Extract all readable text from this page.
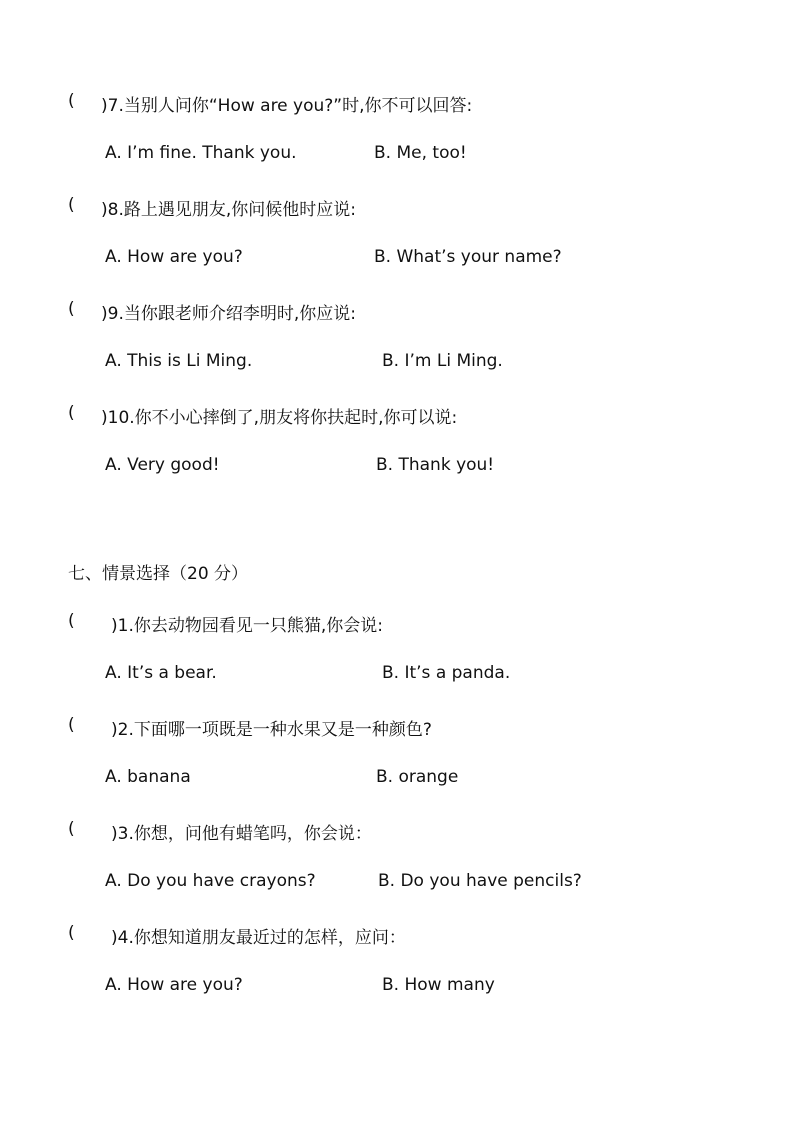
( )7.当别人问你“How are you?”时,你不可以回答:
A. I’m fine. Thank you.	B. Me, too!
( )8.路上遇见朋友,你问候他时应说:
A. How are you?	B. What’s your name?
( )9.当你跟老师介绍李明时,你应说:
A. This is Li Ming.	B. I’m Li Ming.
( )10.你不小心摔倒了,朋友将你扶起时,你可以说:
A. Very good!	B. Thank you!
七、情景选择（20 分）
( )1.你去动物园看见一只熊猫,你会说:
A. It’s a bear.	B. It’s a panda.
( )2.下面哪一项既是一种水果又是一种颜色?
A. banana	B. orange
( )3.你想，问他有蜡笔吗，你会说：
A. Do you have crayons?	B. Do you have pencils?
( )4.你想知道朋友最近过的怎样，应问：
A. How are you?	B. How many
